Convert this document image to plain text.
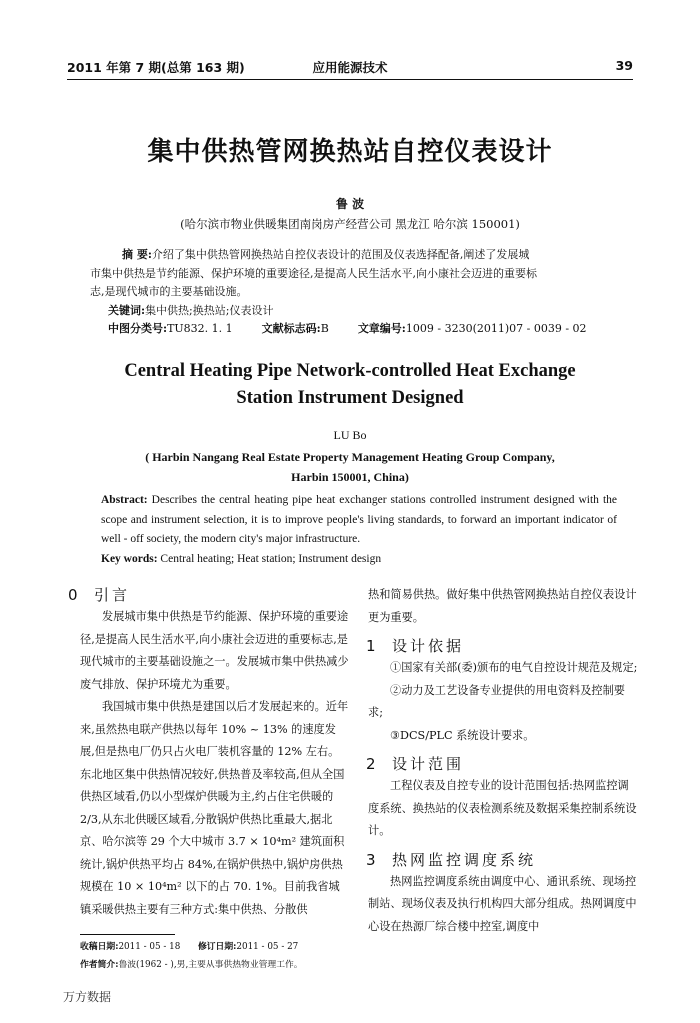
2011 年第 7 期(总第 163 期)	应用能源技术	39
集中供热管网换热站自控仪表设计
鲁 波
(哈尔滨市物业供暖集团南岗房产经营公司 黑龙江 哈尔滨 150001)
摘 要:介绍了集中供热管网换热站自控仪表设计的范围及仪表选择配备,阐述了发展城
市集中供热是节约能源、保护环境的重要途径,是提高人民生活水平,向小康社会迈进的重要标
志,是现代城市的主要基础设施。
关键词:集中供热;换热站;仪表设计
中图分类号:TU832. 1. 1	文献标志码:B	文章编号:1009 - 3230(2011)07 - 0039 - 02
Central Heating Pipe Network-controlled Heat Exchange
Station Instrument Designed
LU Bo
( Harbin Nangang Real Estate Property Management Heating Group Company,
Harbin 150001, China)
Abstract: Describes the central heating pipe heat exchanger stations controlled instrument designed with the scope and instrument selection, it is to improve people's living standards, to forward an important indicator of well - off society, the modern city's major infrastructure.
Key words: Central heating; Heat station; Instrument design
0 引言

发展城市集中供热是节约能源、保护环境的重要途径,是提高人民生活水平,向小康社会迈进的重要标志,是现代城市的主要基础设施之一。发展城市集中供热减少废气排放、保护环境尤为重要。

我国城市集中供热是建国以后才发展起来的。近年来,虽然热电联产供热以每年 10% ~ 13% 的速度发展,但是热电厂仍只占火电厂装机容量的 12% 左右。东北地区集中供热情况较好,供热普及率较高,但从全国供热区域看,仍以小型煤炉供暖为主,约占住宅供暖的 2/3,从东北供暖区域看,分散锅炉供热比重最大,据北京、哈尔滨等 29 个大中城市 3.7 × 10⁴m² 建筑面积统计,锅炉供热平均占 84%,在锅炉供热中,锅炉房供热规模在 10 × 10⁴m² 以下的占 70. 1%。目前我省城镇采暖供热主要有三种方式:集中供热、分散供

热和简易供热。做好集中供热管网换热站自控仪表设计更为重要。

1 设计依据

①国家有关部(委)颁布的电气自控设计规范及规定;

②动力及工艺设备专业提供的用电资料及控制要求;

③DCS/PLC 系统设计要求。

2 设计范围

工程仪表及自控专业的设计范围包括:热网监控调度系统、换热站的仪表检测系统及数据采集控制系统设计。

3 热网监控调度系统

热网监控调度系统由调度中心、通讯系统、现场控制站、现场仪表及执行机构四大部分组成。热网调度中心设在热源厂综合楼中控室,调度中

收稿日期:2011 - 05 - 18 修订日期:2011 - 05 - 27
作者简介:鲁波(1962 - ),男,主要从事供热物业管理工作。
万方数据
